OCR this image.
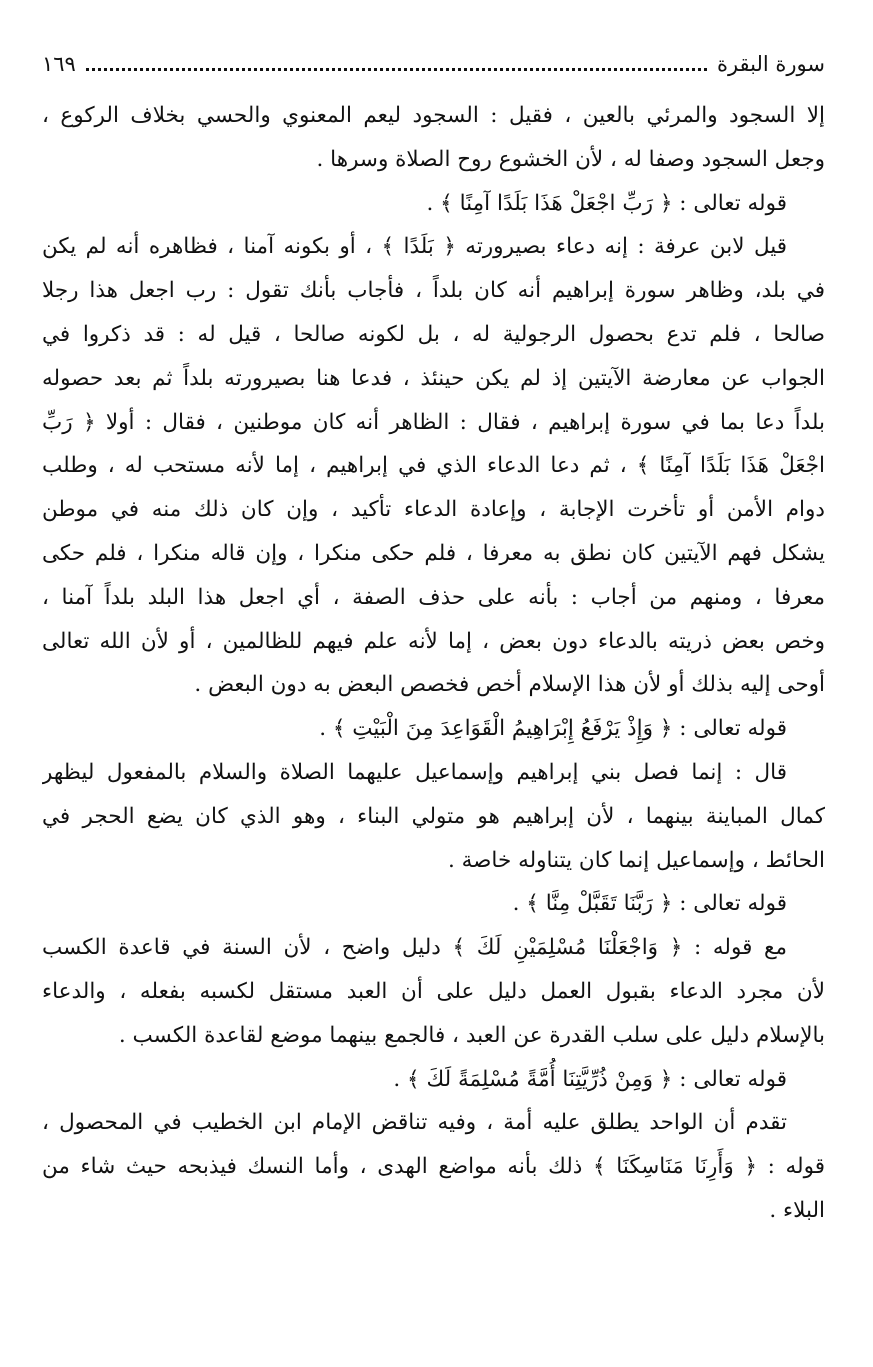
سورة البقرة
١٦٩
إلا السجود والمرئي بالعين ، فقيل : السجود ليعم المعنوي والحسي بخلاف الركوع ،
وجعل السجود وصفا له ، لأن الخشوع روح الصلاة وسرها .
قوله تعالى : ﴿ رَبِّ اجْعَلْ هَذَا بَلَدًا آمِنًا ﴾ .
قيل لابن عرفة : إنه دعاء بصيرورته ﴿ بَلَدًا ﴾ ، أو بكونه آمنا ، فظاهره أنه لم يكن
في بلد، وظاهر سورة إبراهيم أنه كان بلداً ، فأجاب بأنك تقول : رب اجعل هذا رجلا
صالحا ، فلم تدع بحصول الرجولية له ، بل لكونه صالحا ، قيل له : قد ذكروا في
الجواب عن معارضة الآيتين إذ لم يكن حينئذ ، فدعا هنا بصيرورته بلداً ثم بعد حصوله
بلداً دعا بما في سورة إبراهيم ، فقال : الظاهر أنه كان موطنين ، فقال : أولا ﴿ رَبِّ
اجْعَلْ هَذَا بَلَدًا آمِنًا ﴾ ، ثم دعا الدعاء الذي في إبراهيم ، إما لأنه مستحب له ، وطلب
دوام الأمن أو تأخرت الإجابة ، وإعادة الدعاء تأكيد ، وإن كان ذلك منه في موطن
يشكل فهم الآيتين كان نطق به معرفا ، فلم حكى منكرا ، وإن قاله منكرا ، فلم حكى
معرفا ، ومنهم من أجاب : بأنه على حذف الصفة ، أي اجعل هذا البلد بلداً آمنا ،
وخص بعض ذريته بالدعاء دون بعض ، إما لأنه علم فيهم للظالمين ، أو لأن الله تعالى
أوحى إليه بذلك أو لأن هذا الإسلام أخص فخصص البعض به دون البعض .
قوله تعالى : ﴿ وَإِذْ يَرْفَعُ إِبْرَاهِيمُ الْقَوَاعِدَ مِنَ الْبَيْتِ ﴾ .
قال : إنما فصل بني إبراهيم وإسماعيل عليهما الصلاة والسلام بالمفعول ليظهر
كمال المباينة بينهما ، لأن إبراهيم هو متولي البناء ، وهو الذي كان يضع الحجر في
الحائط ، وإسماعيل إنما كان يتناوله خاصة .
قوله تعالى : ﴿ رَبَّنَا تَقَبَّلْ مِنَّا ﴾ .
مع قوله : ﴿ وَاجْعَلْنَا مُسْلِمَيْنِ لَكَ ﴾ دليل واضح ، لأن السنة في قاعدة الكسب
لأن مجرد الدعاء بقبول العمل دليل على أن العبد مستقل لكسبه بفعله ، والدعاء
بالإسلام دليل على سلب القدرة عن العبد ، فالجمع بينهما موضع لقاعدة الكسب .
قوله تعالى : ﴿ وَمِنْ ذُرِّيَّتِنَا أُمَّةً مُسْلِمَةً لَكَ ﴾ .
تقدم أن الواحد يطلق عليه أمة ، وفيه تناقض الإمام ابن الخطيب في المحصول ،
قوله : ﴿ وَأَرِنَا مَنَاسِكَنَا ﴾ ذلك بأنه مواضع الهدى ، وأما النسك فيذبحه حيث شاء من
البلاء .
